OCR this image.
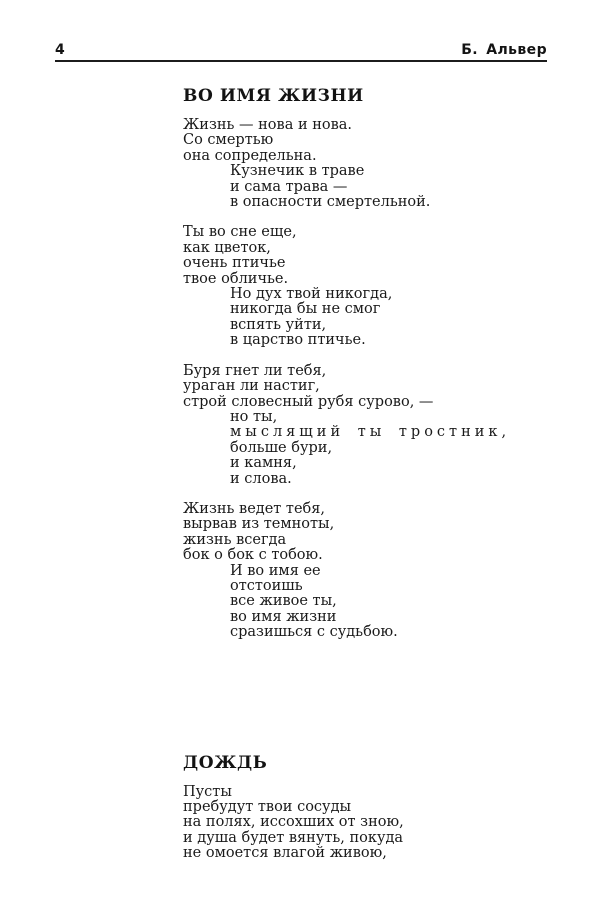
4	Б. Альвер
ВО ИМЯ ЖИЗНИ
Жизнь — нова и нова.
Со смертью
она сопредельна.
Кузнечик в траве
и сама трава —
в опасности смертельной.
Ты во сне еще,
как цветок,
очень птичье
твое обличье.
Но дух твой никогда,
никогда бы не смог
вспять уйти,
в царство птичье.
Буря гнет ли тебя,
ураган ли настиг,
строй словесный рубя сурово, —
но ты,
мыслящий ты тростник,
больше бури,
и камня,
и слова.
Жизнь ведет тебя,
вырвав из темноты,
жизнь всегда
бок о бок с тобою.
И во имя ее
отстоишь
все живое ты,
во имя жизни
сразишься с судьбою.
ДОЖДЬ
Пусты
пребудут твои сосуды
на полях, иссохших от зною,
и душа будет вянуть, покуда
не омоется влагой живою,
